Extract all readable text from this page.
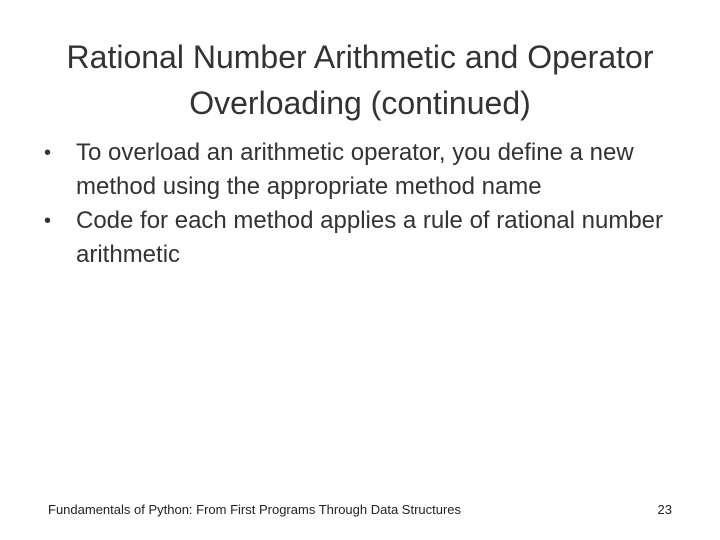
Rational Number Arithmetic and Operator Overloading (continued)
• To overload an arithmetic operator, you define a new method using the appropriate method name
• Code for each method applies a rule of rational number arithmetic
Fundamentals of Python: From First Programs Through Data Structures	23
